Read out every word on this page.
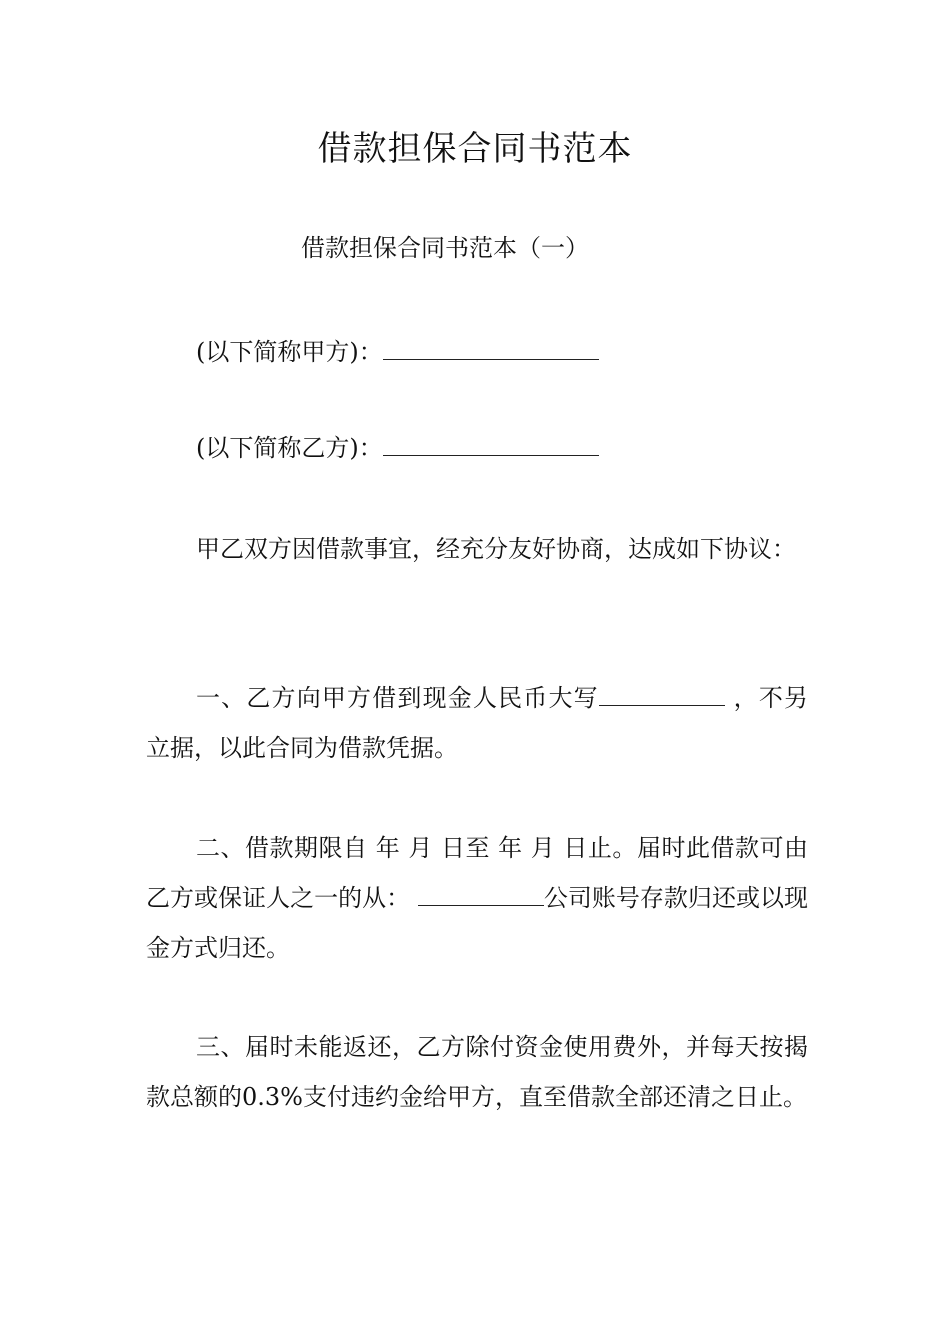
借款担保合同书范本
借款担保合同书范本（一）
(以下简称甲方)：
(以下简称乙方)：

甲乙双方因借款事宜，经充分友好协商，达成如下协议：

一、乙方向甲方借到现金人民币大写	，不另立据，以此合同为借款凭据。

二、借款期限自 年 月 日至 年 月 日止。届时此借款可由乙方或保证人之一的从：	公司账号存款归还或以现金方式归还。

三、届时未能返还，乙方除付资金使用费外，并每天按揭款总额的0.3%支付违约金给甲方，直至借款全部还清之日止。
